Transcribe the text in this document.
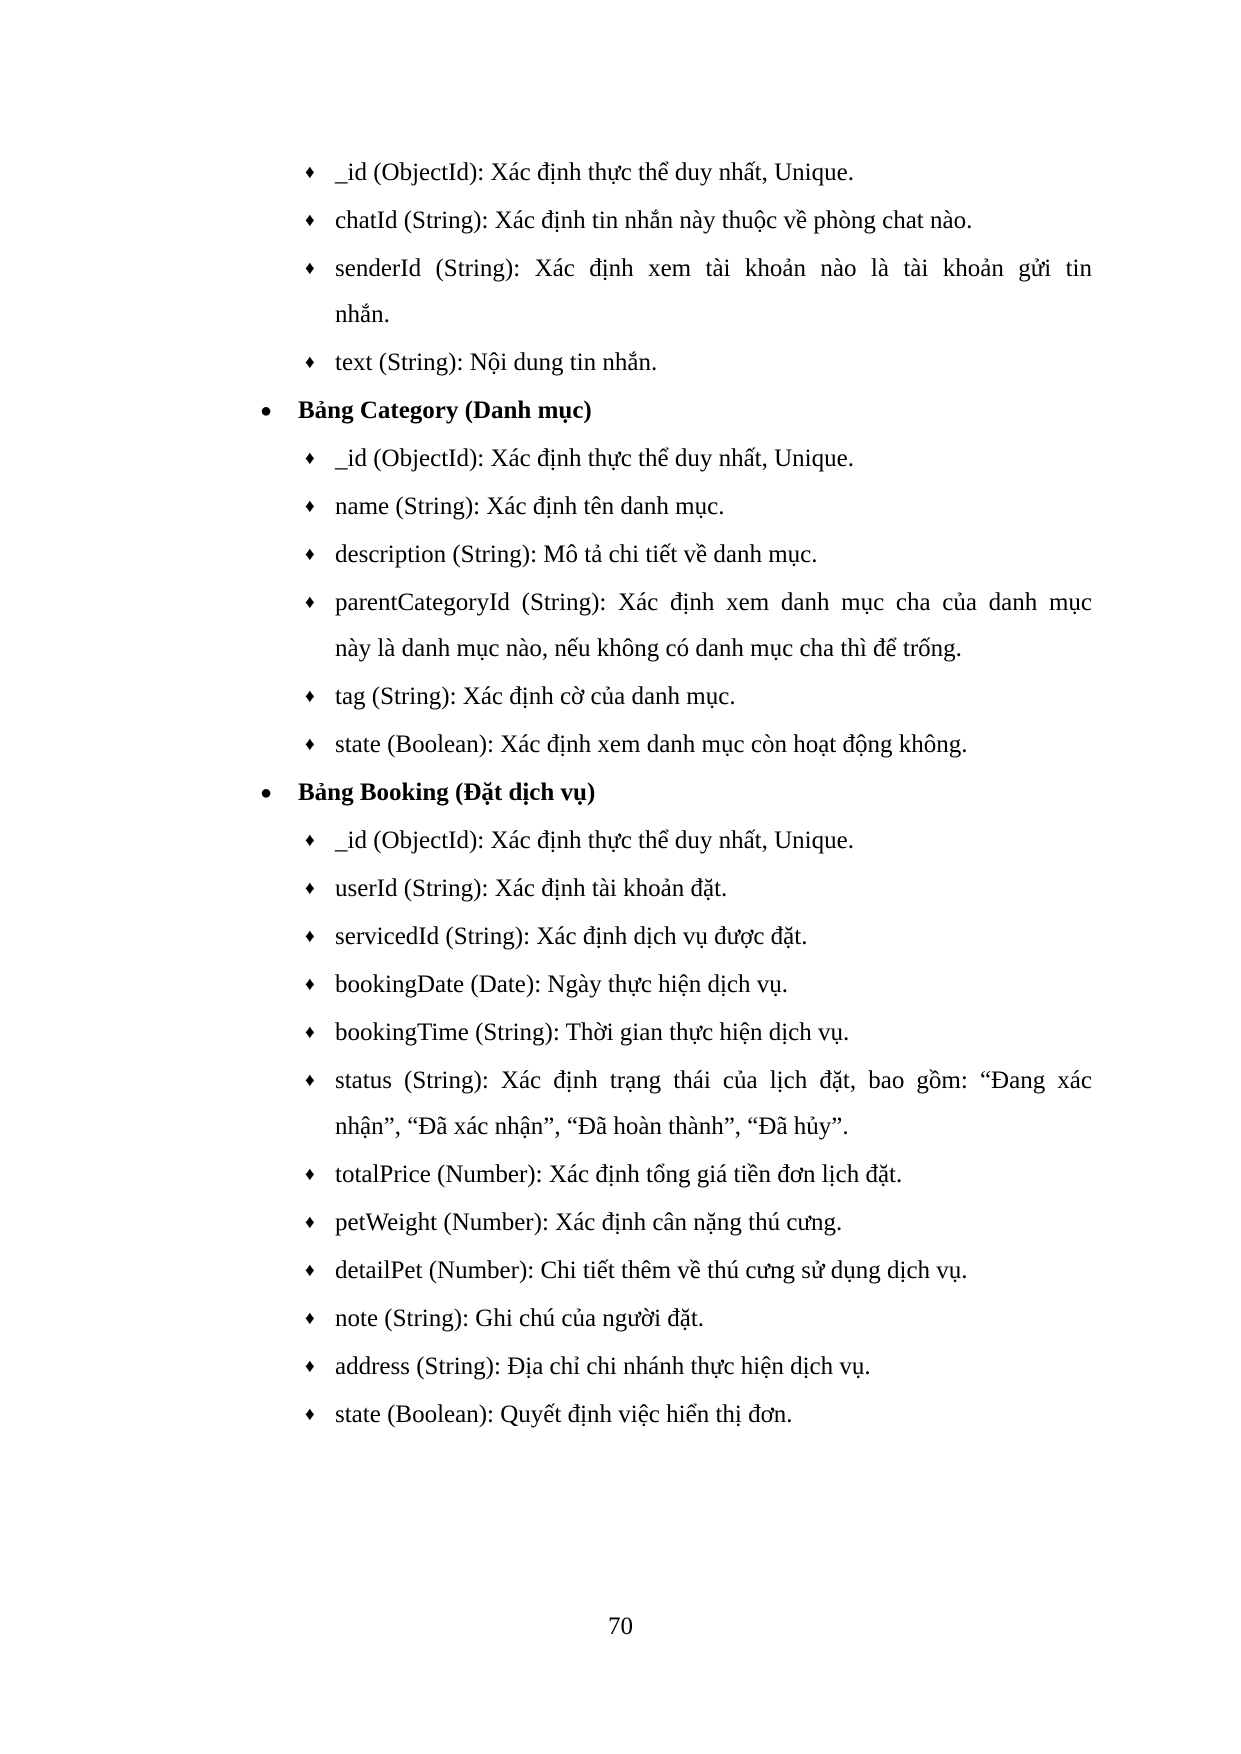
♦ _id (ObjectId): Xác định thực thể duy nhất, Unique.
♦ chatId (String): Xác định tin nhắn này thuộc về phòng chat nào.
♦ senderId (String): Xác định xem tài khoản nào là tài khoản gửi tin
nhắn.
♦ text (String): Nội dung tin nhắn.
● Bảng Category (Danh mục)
♦ _id (ObjectId): Xác định thực thể duy nhất, Unique.
♦ name (String): Xác định tên danh mục.
♦ description (String): Mô tả chi tiết về danh mục.
♦ parentCategoryId (String): Xác định xem danh mục cha của danh mục
này là danh mục nào, nếu không có danh mục cha thì để trống.
♦ tag (String): Xác định cờ của danh mục.
♦ state (Boolean): Xác định xem danh mục còn hoạt động không.
● Bảng Booking (Đặt dịch vụ)
♦ _id (ObjectId): Xác định thực thể duy nhất, Unique.
♦ userId (String): Xác định tài khoản đặt.
♦ servicedId (String): Xác định dịch vụ được đặt.
♦ bookingDate (Date): Ngày thực hiện dịch vụ.
♦ bookingTime (String): Thời gian thực hiện dịch vụ.
♦ status (String): Xác định trạng thái của lịch đặt, bao gồm: “Đang xác
nhận”, “Đã xác nhận”, “Đã hoàn thành”, “Đã hủy”.
♦ totalPrice (Number): Xác định tổng giá tiền đơn lịch đặt.
♦ petWeight (Number): Xác định cân nặng thú cưng.
♦ detailPet (Number): Chi tiết thêm về thú cưng sử dụng dịch vụ.
♦ note (String): Ghi chú của người đặt.
♦ address (String): Địa chỉ chi nhánh thực hiện dịch vụ.
♦ state (Boolean): Quyết định việc hiển thị đơn.
70
